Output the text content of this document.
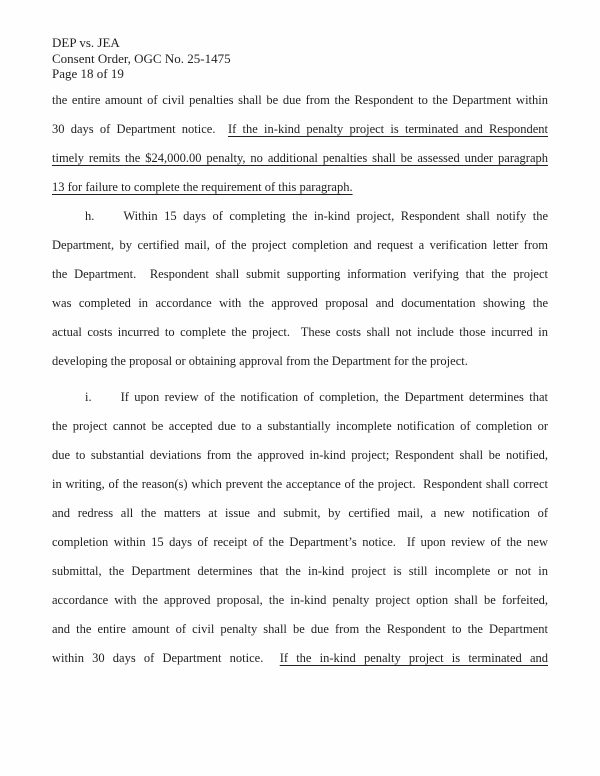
DEP vs. JEA
Consent Order, OGC No. 25-1475
Page 18 of 19
the entire amount of civil penalties shall be due from the Respondent to the Department within
30 days of Department notice.  If the in-kind penalty project is terminated and Respondent
timely remits the $24,000.00 penalty, no additional penalties shall be assessed under paragraph
13 for failure to complete the requirement of this paragraph.
h. Within 15 days of completing the in-kind project, Respondent shall notify the
Department, by certified mail, of the project completion and request a verification letter from
the Department.  Respondent shall submit supporting information verifying that the project
was completed in accordance with the approved proposal and documentation showing the
actual costs incurred to complete the project.  These costs shall not include those incurred in
developing the proposal or obtaining approval from the Department for the project.
i. If upon review of the notification of completion, the Department determines that
the project cannot be accepted due to a substantially incomplete notification of completion or
due to substantial deviations from the approved in-kind project; Respondent shall be notified,
in writing, of the reason(s) which prevent the acceptance of the project.  Respondent shall correct
and redress all the matters at issue and submit, by certified mail, a new notification of
completion within 15 days of receipt of the Department’s notice.  If upon review of the new
submittal, the Department determines that the in-kind project is still incomplete or not in
accordance with the approved proposal, the in-kind penalty project option shall be forfeited,
and the entire amount of civil penalty shall be due from the Respondent to the Department
within 30 days of Department notice.  If the in-kind penalty project is terminated and
